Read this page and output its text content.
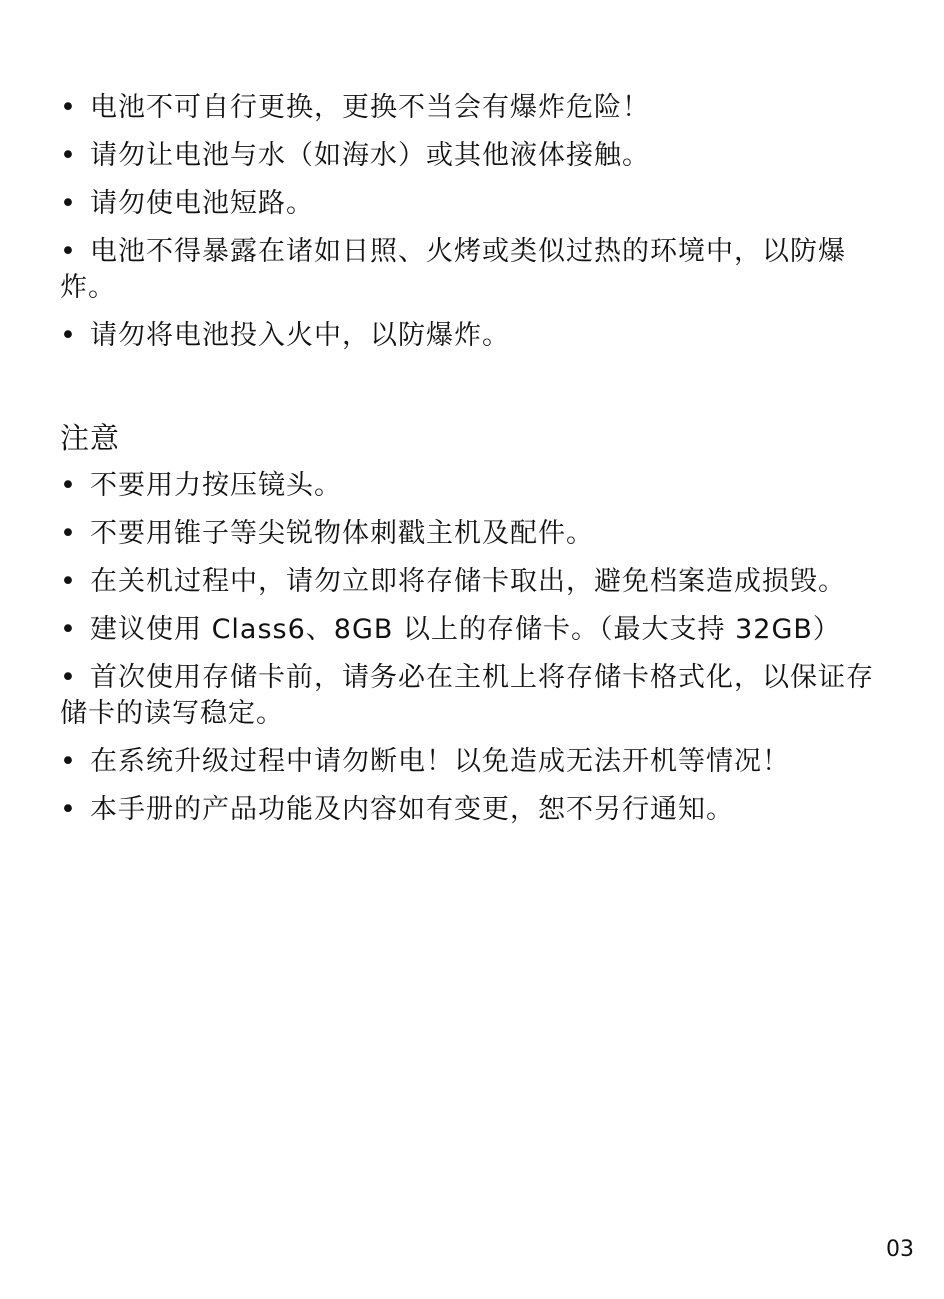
• 电池不可自行更换，更换不当会有爆炸危险！
• 请勿让电池与水（如海水）或其他液体接触。
• 请勿使电池短路。
• 电池不得暴露在诸如日照、火烤或类似过热的环境中，以防爆炸。
• 请勿将电池投入火中，以防爆炸。
注意
• 不要用力按压镜头。
• 不要用锥子等尖锐物体刺戳主机及配件。
• 在关机过程中，请勿立即将存储卡取出，避免档案造成损毁。
• 建议使用 Class6、8GB 以上的存储卡。（最大支持 32GB）
• 首次使用存储卡前，请务必在主机上将存储卡格式化，以保证存储卡的读写稳定。
• 在系统升级过程中请勿断电！以免造成无法开机等情况！
• 本手册的产品功能及内容如有变更，恕不另行通知。
03
